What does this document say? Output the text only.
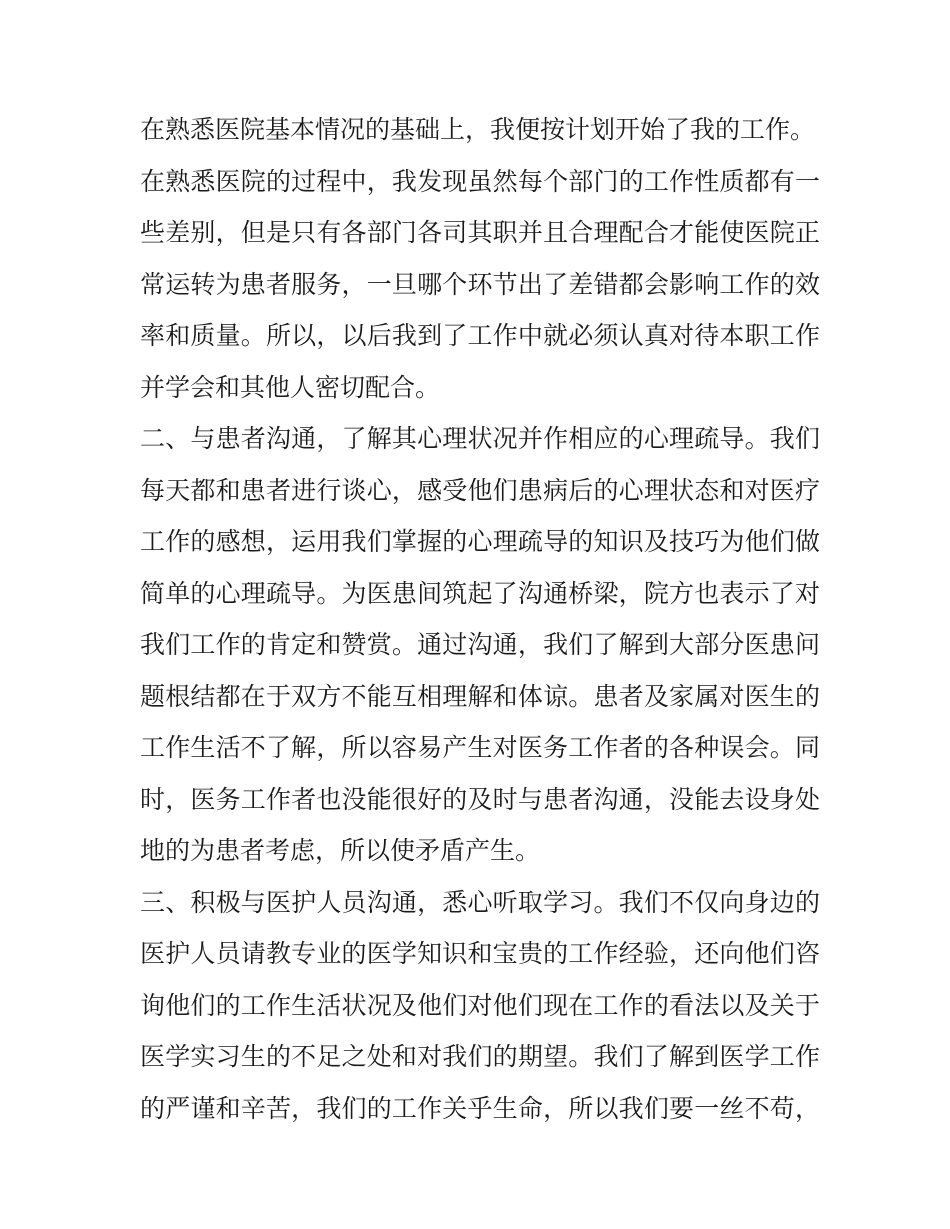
在熟悉医院基本情况的基础上，我便按计划开始了我的工作。
在熟悉医院的过程中，我发现虽然每个部门的工作性质都有一
些差别，但是只有各部门各司其职并且合理配合才能使医院正
常运转为患者服务，一旦哪个环节出了差错都会影响工作的效
率和质量。所以，以后我到了工作中就必须认真对待本职工作
并学会和其他人密切配合。
二、与患者沟通，了解其心理状况并作相应的心理疏导。我们
每天都和患者进行谈心，感受他们患病后的心理状态和对医疗
工作的感想，运用我们掌握的心理疏导的知识及技巧为他们做
简单的心理疏导。为医患间筑起了沟通桥梁，院方也表示了对
我们工作的肯定和赞赏。通过沟通，我们了解到大部分医患问
题根结都在于双方不能互相理解和体谅。患者及家属对医生的
工作生活不了解，所以容易产生对医务工作者的各种误会。同
时，医务工作者也没能很好的及时与患者沟通，没能去设身处
地的为患者考虑，所以使矛盾产生。
三、积极与医护人员沟通，悉心听取学习。我们不仅向身边的
医护人员请教专业的医学知识和宝贵的工作经验，还向他们咨
询他们的工作生活状况及他们对他们现在工作的看法以及关于
医学实习生的不足之处和对我们的期望。我们了解到医学工作
的严谨和辛苦，我们的工作关乎生命，所以我们要一丝不苟，
